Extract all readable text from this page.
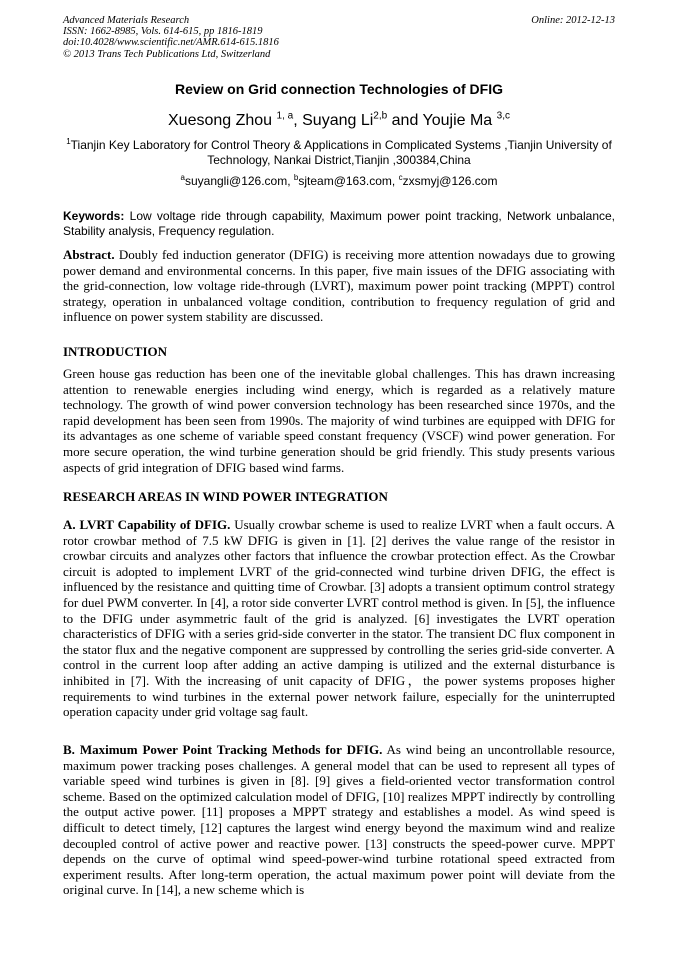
Advanced Materials Research
ISSN: 1662-8985, Vols. 614-615, pp 1816-1819
doi:10.4028/www.scientific.net/AMR.614-615.1816
© 2013 Trans Tech Publications Ltd, Switzerland
Online: 2012-12-13
Review on Grid connection Technologies of DFIG
Xuesong Zhou $^{1, a}$, Suyang Li$^{2,b}$ and Youjie Ma $^{3,c}$
$^1$Tianjin Key Laboratory for Control Theory & Applications in Complicated Systems ,Tianjin University of Technology, Nankai District,Tianjin ,300384,China
$^a$suyangli@126.com, $^b$sjteam@163.com, $^c$zxsmyj@126.com
Keywords: Low voltage ride through capability, Maximum power point tracking, Network unbalance, Stability analysis, Frequency regulation.
Abstract. Doubly fed induction generator (DFIG) is receiving more attention nowadays due to growing power demand and environmental concerns. In this paper, five main issues of the DFIG associating with the grid-connection, low voltage ride-through (LVRT), maximum power point tracking (MPPT) control strategy, operation in unbalanced voltage condition, contribution to frequency regulation of grid and influence on power system stability are discussed.
INTRODUCTION
Green house gas reduction has been one of the inevitable global challenges. This has drawn increasing attention to renewable energies including wind energy, which is regarded as a relatively mature technology. The growth of wind power conversion technology has been researched since 1970s, and the rapid development has been seen from 1990s. The majority of wind turbines are equipped with DFIG for its advantages as one scheme of variable speed constant frequency (VSCF) wind power generation. For more secure operation, the wind turbine generation should be grid friendly. This study presents various aspects of grid integration of DFIG based wind farms.
RESEARCH AREAS IN WIND POWER INTEGRATION
A. LVRT Capability of DFIG. Usually crowbar scheme is used to realize LVRT when a fault occurs. A rotor crowbar method of 7.5 kW DFIG is given in [1]. [2] derives the value range of the resistor in crowbar circuits and analyzes other factors that influence the crowbar protection effect. As the Crowbar circuit is adopted to implement LVRT of the grid-connected wind turbine driven DFIG, the effect is influenced by the resistance and quitting time of Crowbar. [3] adopts a transient optimum control strategy for duel PWM converter. In [4], a rotor side converter LVRT control method is given. In [5], the influence to the DFIG under asymmetric fault of the grid is analyzed. [6] investigates the LVRT operation characteristics of DFIG with a series grid-side converter in the stator. The transient DC flux component in the stator flux and the negative component are suppressed by controlling the series grid-side converter. A control in the current loop after adding an active damping is utilized and the external disturbance is inhibited in [7]. With the increasing of unit capacity of DFIG，the power systems proposes higher requirements to wind turbines in the external power network failure, especially for the uninterrupted operation capacity under grid voltage sag fault.
B. Maximum Power Point Tracking Methods for DFIG. As wind being an uncontrollable resource, maximum power tracking poses challenges. A general model that can be used to represent all types of variable speed wind turbines is given in [8]. [9] gives a field-oriented vector transformation control scheme. Based on the optimized calculation model of DFIG, [10] realizes MPPT indirectly by controlling the output active power. [11] proposes a MPPT strategy and establishes a model. As wind speed is difficult to detect timely, [12] captures the largest wind energy beyond the maximum wind and realize decoupled control of active power and reactive power. [13] constructs the speed-power curve. MPPT depends on the curve of optimal wind speed-power-wind turbine rotational speed extracted from experiment results. After long-term operation, the actual maximum power point will deviate from the original curve. In [14], a new scheme which is
